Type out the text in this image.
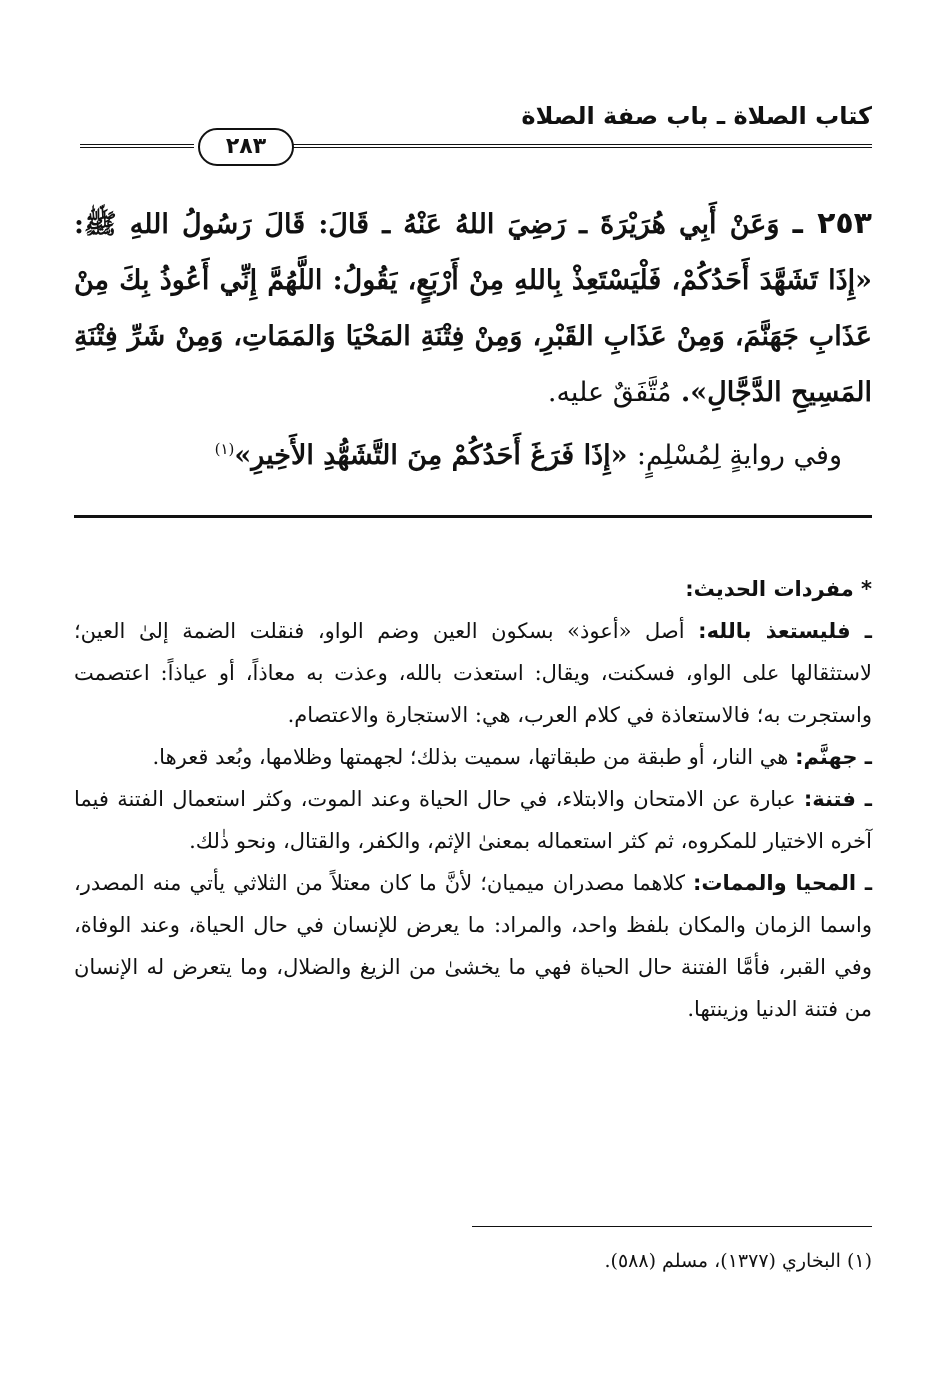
كتاب الصلاة ـ باب صفة الصلاة
٢٨٣
٢٥٣ ـ وَعَنْ أَبِي هُرَيْرَةَ ـ رَضِيَ اللهُ عَنْهُ ـ قَالَ: قَالَ رَسُولُ اللهِ ﷺ: «إِذَا تَشَهَّدَ أَحَدُكُمْ، فَلْيَسْتَعِذْ بِاللهِ مِنْ أَرْبَعٍ، يَقُولُ: اللَّهُمَّ إِنِّي أَعُوذُ بِكَ مِنْ عَذَابِ جَهَنَّمَ، وَمِنْ عَذَابِ القَبْرِ، وَمِنْ فِتْنَةِ المَحْيَا وَالمَمَاتِ، وَمِنْ شَرِّ فِتْنَةِ المَسِيحِ الدَّجَّالِ». مُتَّفَقٌ عليه.
وفي روايةٍ لِمُسْلِمٍ: «إِذَا فَرَغَ أَحَدُكُمْ مِنَ التَّشَهُّدِ الأَخِيرِ»$^{(١)}$
* مفردات الحديث:

ـ فليستعذ بالله: أصل «أعوذ» بسكون العين وضم الواو، فنقلت الضمة إلىٰ العين؛ لاستثقالها على الواو، فسكنت، ويقال: استعذت بالله، وعذت به معاذاً، أو عياذاً: اعتصمت واستجرت به؛ فالاستعاذة في كلام العرب، هي: الاستجارة والاعتصام.

ـ جهنَّم: هي النار، أو طبقة من طبقاتها، سميت بذلك؛ لجهمتها وظلامها، وبُعد قعرها.

ـ فتنة: عبارة عن الامتحان والابتلاء، في حال الحياة وعند الموت، وكثر استعمال الفتنة فيما آخره الاختيار للمكروه، ثم كثر استعماله بمعنىٰ الإثم، والكفر، والقتال، ونحو ذٰلك.

ـ المحيا والممات: كلاهما مصدران ميميان؛ لأنَّ ما كان معتلاً من الثلاثي يأتي منه المصدر، واسما الزمان والمكان بلفظ واحد، والمراد: ما يعرض للإنسان في حال الحياة، وعند الوفاة، وفي القبر، فأمَّا الفتنة حال الحياة فهي ما يخشىٰ من الزيغ والضلال، وما يتعرض له الإنسان من فتنة الدنيا وزينتها.

(١) البخاري (١٣٧٧)، مسلم (٥٨٨).
